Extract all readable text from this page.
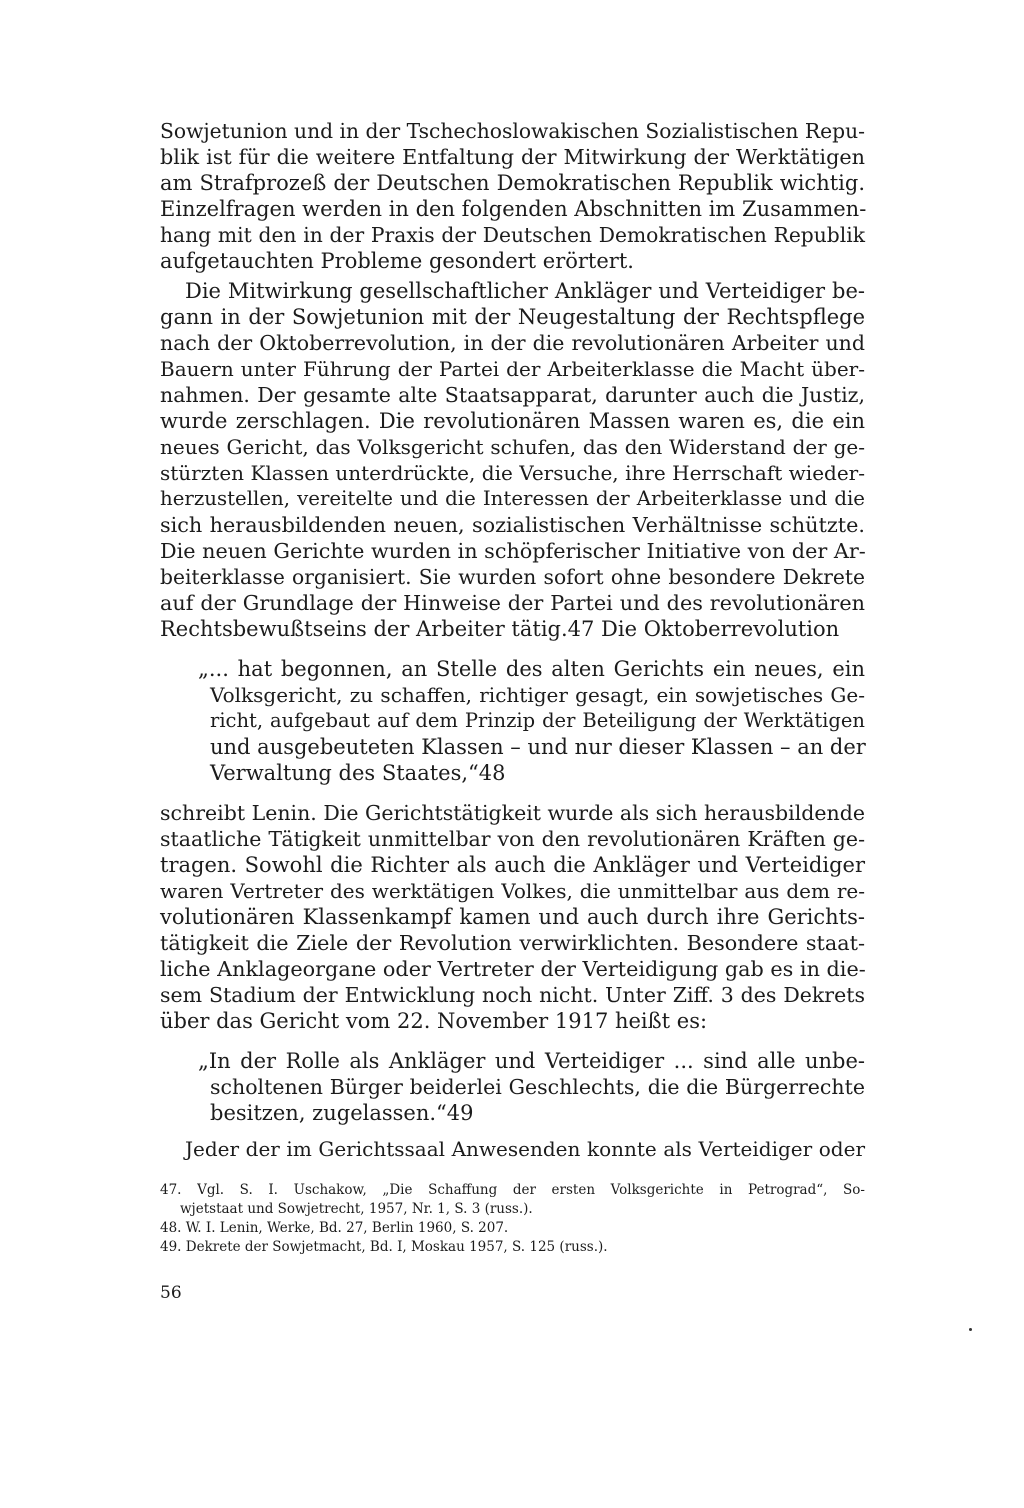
Sowjetunion und in der Tschechoslowakischen Sozialistischen Repu-
blik ist für die weitere Entfaltung der Mitwirkung der Werktätigen
am Strafprozeß der Deutschen Demokratischen Republik wichtig.
Einzelfragen werden in den folgenden Abschnitten im Zusammen-
hang mit den in der Praxis der Deutschen Demokratischen Republik
aufgetauchten Probleme gesondert erörtert.
Die Mitwirkung gesellschaftlicher Ankläger und Verteidiger be-
gann in der Sowjetunion mit der Neugestaltung der Rechtspflege
nach der Oktoberrevolution, in der die revolutionären Arbeiter und
Bauern unter Führung der Partei der Arbeiterklasse die Macht über-
nahmen. Der gesamte alte Staatsapparat, darunter auch die Justiz,
wurde zerschlagen. Die revolutionären Massen waren es, die ein
neues Gericht, das Volksgericht schufen, das den Widerstand der ge-
stürzten Klassen unterdrückte, die Versuche, ihre Herrschaft wieder-
herzustellen, vereitelte und die Interessen der Arbeiterklasse und die
sich herausbildenden neuen, sozialistischen Verhältnisse schützte.
Die neuen Gerichte wurden in schöpferischer Initiative von der Ar-
beiterklasse organisiert. Sie wurden sofort ohne besondere Dekrete
auf der Grundlage der Hinweise der Partei und des revolutionären
Rechtsbewußtseins der Arbeiter tätig.47 Die Oktoberrevolution
„... hat begonnen, an Stelle des alten Gerichts ein neues, ein
Volksgericht, zu schaffen, richtiger gesagt, ein sowjetisches Ge-
richt, aufgebaut auf dem Prinzip der Beteiligung der Werktätigen
und ausgebeuteten Klassen – und nur dieser Klassen – an der
Verwaltung des Staates,“48
schreibt Lenin. Die Gerichtstätigkeit wurde als sich herausbildende
staatliche Tätigkeit unmittelbar von den revolutionären Kräften ge-
tragen. Sowohl die Richter als auch die Ankläger und Verteidiger
waren Vertreter des werktätigen Volkes, die unmittelbar aus dem re-
volutionären Klassenkampf kamen und auch durch ihre Gerichts-
tätigkeit die Ziele der Revolution verwirklichten. Besondere staat-
liche Anklageorgane oder Vertreter der Verteidigung gab es in die-
sem Stadium der Entwicklung noch nicht. Unter Ziff. 3 des Dekrets
über das Gericht vom 22. November 1917 heißt es:
„In der Rolle als Ankläger und Verteidiger ... sind alle unbe-
scholtenen Bürger beiderlei Geschlechts, die die Bürgerrechte
besitzen, zugelassen.“49
Jeder der im Gerichtssaal Anwesenden konnte als Verteidiger oder
47. Vgl. S. I. Uschakow, „Die Schaffung der ersten Volksgerichte in Petrograd“, So-
wjetstaat und Sowjetrecht, 1957, Nr. 1, S. 3 (russ.).
48. W. I. Lenin, Werke, Bd. 27, Berlin 1960, S. 207.
49. Dekrete der Sowjetmacht, Bd. I, Moskau 1957, S. 125 (russ.).
56
